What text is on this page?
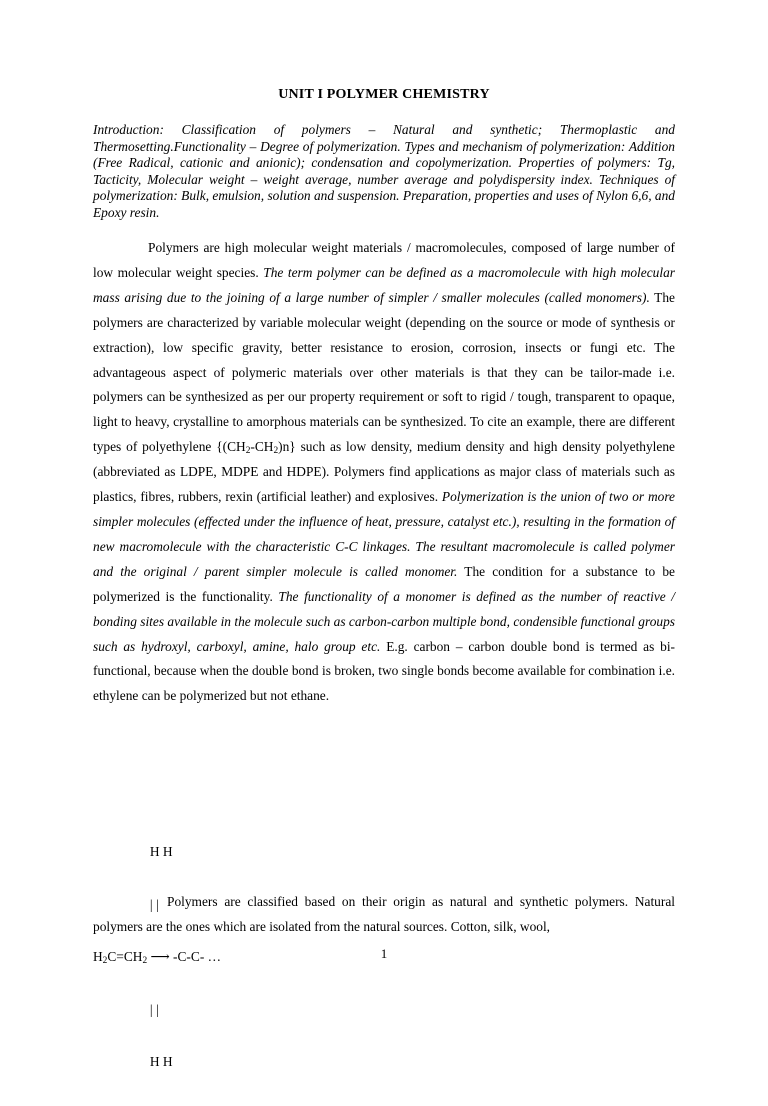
UNIT I POLYMER CHEMISTRY
Introduction: Classification of polymers – Natural and synthetic; Thermoplastic and Thermosetting.Functionality – Degree of polymerization. Types and mechanism of polymerization: Addition (Free Radical, cationic and anionic); condensation and copolymerization. Properties of polymers: Tg, Tacticity, Molecular weight – weight average, number average and polydispersity index. Techniques of polymerization: Bulk, emulsion, solution and suspension. Preparation, properties and uses of Nylon 6,6, and Epoxy resin.

Polymers are high molecular weight materials / macromolecules, composed of large number of low molecular weight species. The term polymer can be defined as a macromolecule with high molecular mass arising due to the joining of a large number of simpler / smaller molecules (called monomers). The polymers are characterized by variable molecular weight (depending on the source or mode of synthesis or extraction), low specific gravity, better resistance to erosion, corrosion, insects or fungi etc. The advantageous aspect of polymeric materials over other materials is that they can be tailor-made i.e. polymers can be synthesized as per our property requirement or soft to rigid / tough, transparent to opaque, light to heavy, crystalline to amorphous materials can be synthesized. To cite an example, there are different types of polyethylene $\{(CH_2-CH_2)n\}$ such as low density, medium density and high density polyethylene (abbreviated as LDPE, MDPE and HDPE). Polymers find applications as major class of materials such as plastics, fibres, rubbers, rexin (artificial leather) and explosives. Polymerization is the union of two or more simpler molecules (effected under the influence of heat, pressure, catalyst etc.), resulting in the formation of new macromolecule with the characteristic C-C linkages. The resultant macromolecule is called polymer and the original / parent simpler molecule is called monomer. The condition for a substance to be polymerized is the functionality. The functionality of a monomer is defined as the number of reactive / bonding sites available in the molecule such as carbon-carbon multiple bond, condensible functional groups such as hydroxyl, carboxyl, amine, halo group etc. E.g. carbon – carbon double bond is termed as bi-functional, because when the double bond is broken, two single bonds become available for combination i.e. ethylene can be polymerized but not ethane.

H H

| |

$H_2C=CH_2$ ⟶ -C-C- …

| |

H H

Polymers are classified based on their origin as natural and synthetic polymers. Natural polymers are the ones which are isolated from the natural sources. Cotton, silk, wool,

1
